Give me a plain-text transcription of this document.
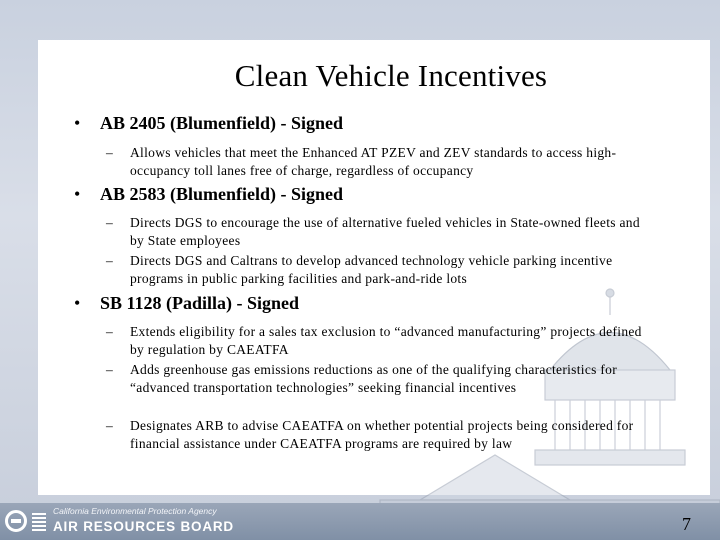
Clean Vehicle Incentives
• AB 2405 (Blumenfield) - Signed
– Allows vehicles that meet the Enhanced AT PZEV and ZEV standards to access high-occupancy toll lanes free of charge, regardless of occupancy
• AB 2583 (Blumenfield) - Signed
– Directs DGS to encourage the use of alternative fueled vehicles in State-owned fleets and by State employees
– Directs DGS and Caltrans to develop advanced technology vehicle parking incentive programs in public parking facilities and park-and-ride lots
• SB 1128 (Padilla) - Signed
– Extends eligibility for a sales tax exclusion to “advanced manufacturing” projects defined by regulation by CAEATFA
– Adds greenhouse gas emissions reductions as one of the qualifying characteristics for “advanced transportation technologies” seeking financial incentives
– Designates ARB to advise CAEATFA on whether potential projects being considered for financial assistance under CAEATFA programs are required by law
California Environmental Protection Agency
AIR RESOURCES BOARD	7
